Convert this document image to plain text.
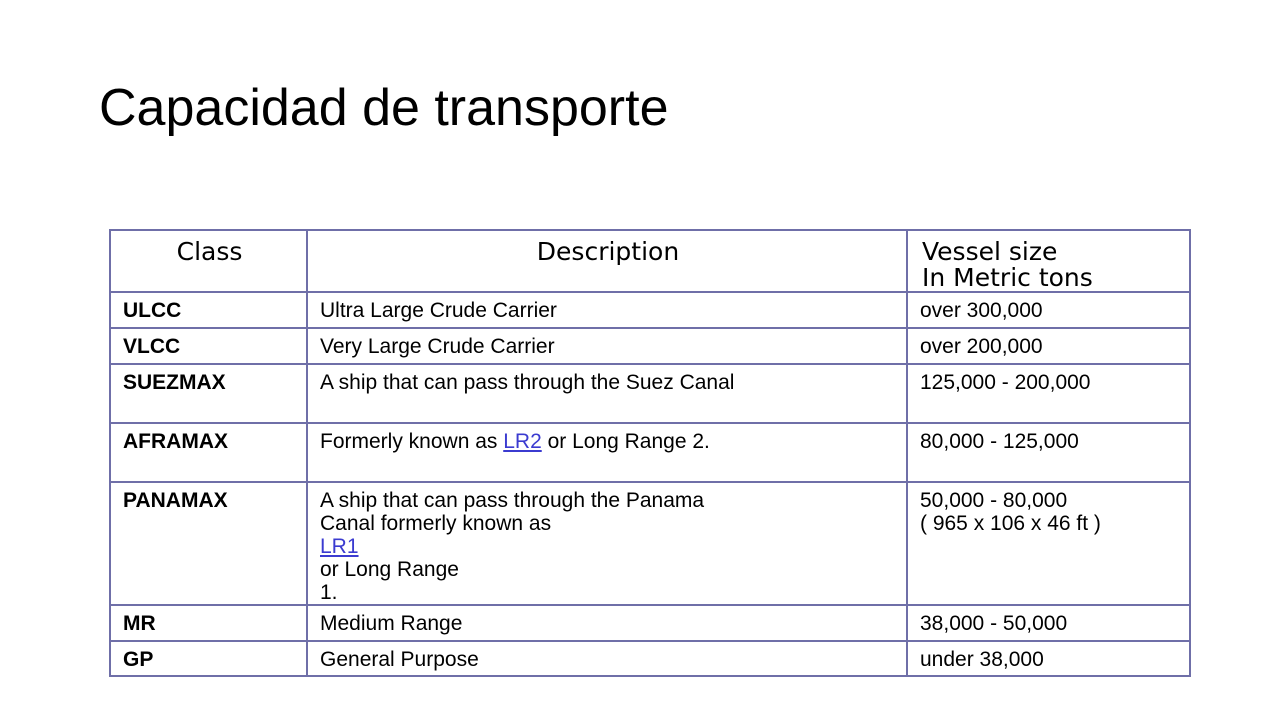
Capacidad de transporte
Class	Description	Vessel size
In Metric tons

ULCC	Ultra Large Crude Carrier	over 300,000
VLCC	Very Large Crude Carrier	over 200,000
SUEZMAX	A ship that can pass through the Suez Canal	125,000 - 200,000
AFRAMAX	Formerly known as LR2 or Long Range 2.	80,000 - 125,000
PANAMAX	A ship that can pass through the Panama
Canal formerly known as
LR1
or Long Range
1.	50,000 - 80,000
( 965 x 106 x 46 ft )

MR	Medium Range	38,000 - 50,000
GP	General Purpose	under 38,000
